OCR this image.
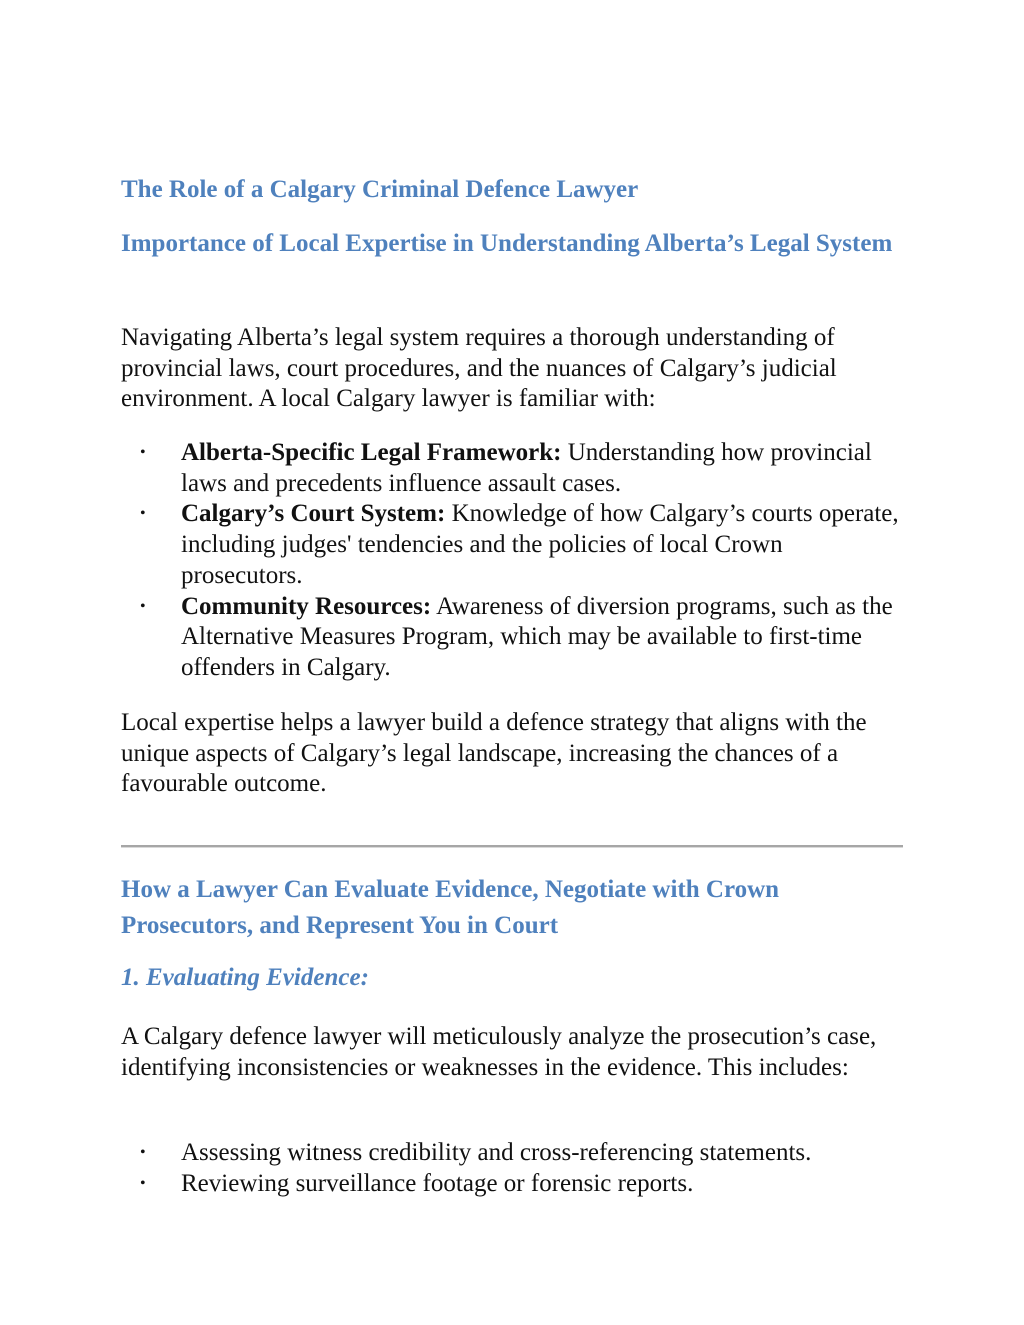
The Role of a Calgary Criminal Defence Lawyer
Importance of Local Expertise in Understanding Alberta’s Legal System

Navigating Alberta’s legal system requires a thorough understanding of provincial laws, court procedures, and the nuances of Calgary’s judicial environment. A local Calgary lawyer is familiar with:

• Alberta-Specific Legal Framework: Understanding how provincial laws and precedents influence assault cases.
• Calgary’s Court System: Knowledge of how Calgary’s courts operate, including judges' tendencies and the policies of local Crown prosecutors.
• Community Resources: Awareness of diversion programs, such as the Alternative Measures Program, which may be available to first-time offenders in Calgary.

Local expertise helps a lawyer build a defence strategy that aligns with the unique aspects of Calgary’s legal landscape, increasing the chances of a favourable outcome.

How a Lawyer Can Evaluate Evidence, Negotiate with Crown Prosecutors, and Represent You in Court
1. Evaluating Evidence:

A Calgary defence lawyer will meticulously analyze the prosecution’s case, identifying inconsistencies or weaknesses in the evidence. This includes:

• Assessing witness credibility and cross-referencing statements.
• Reviewing surveillance footage or forensic reports.
